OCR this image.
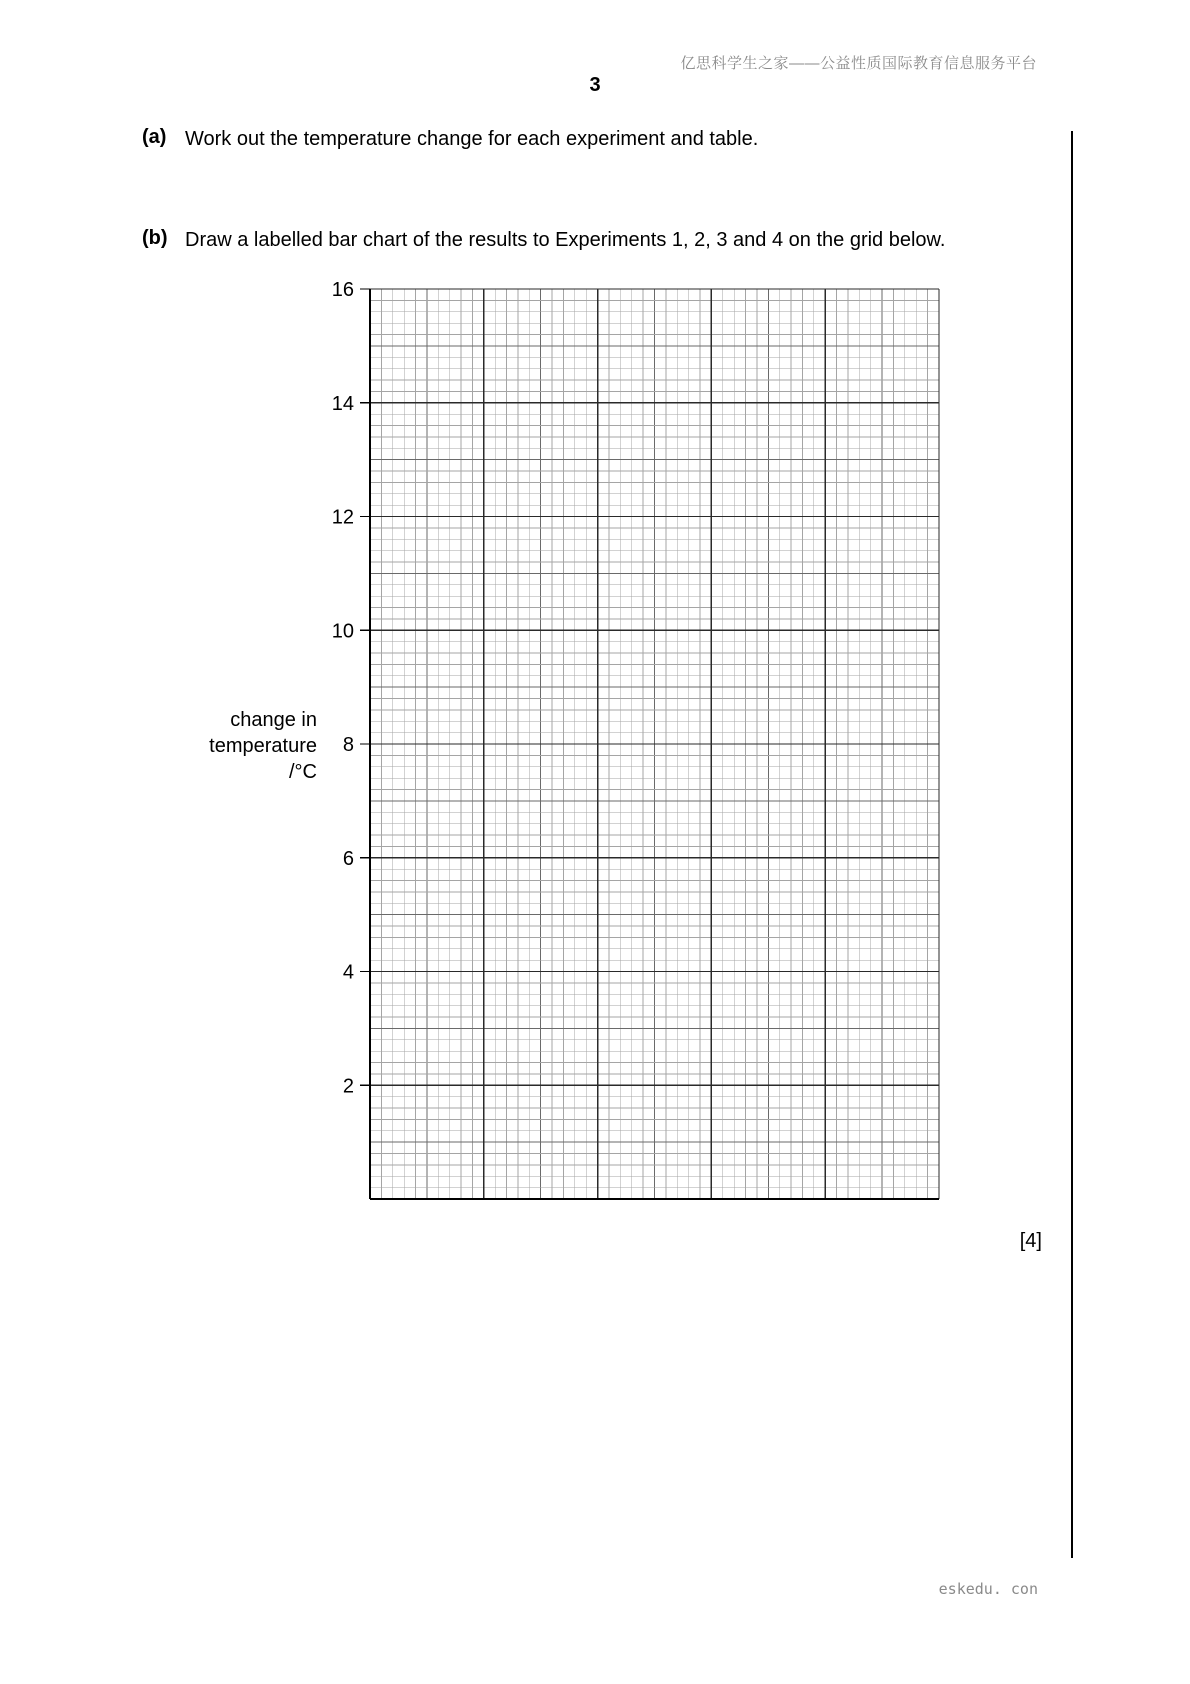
亿思科学生之家——公益性质国际教育信息服务平台
3
(a) Work out the temperature change for each experiment and table.
(b) Draw a labelled bar chart of the results to Experiments 1, 2, 3 and 4 on the grid below.
change in
temperature
/°C
2
4
6
8
10
12
14
16
[4]
eskedu. con
